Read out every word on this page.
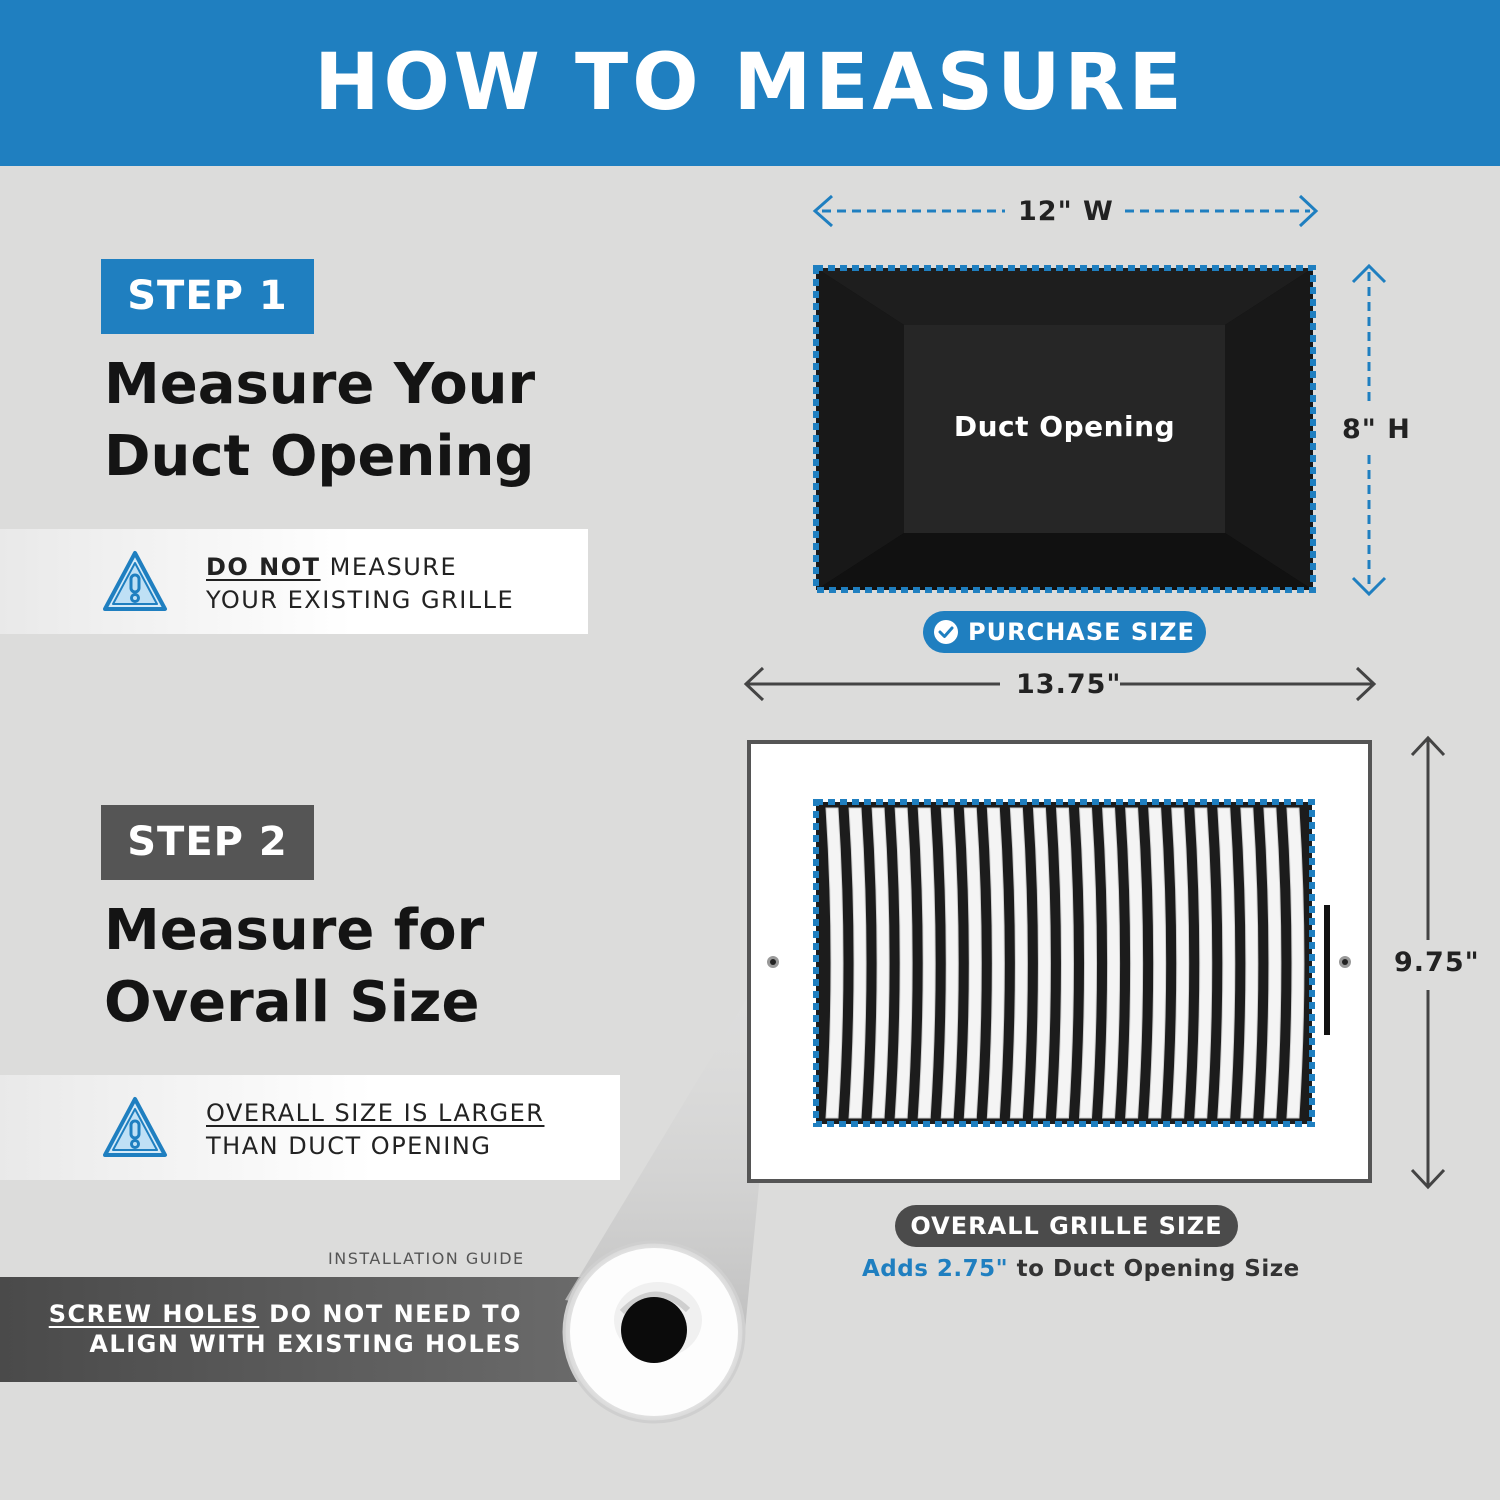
HOW TO MEASURE
STEP 1
Measure Your
Duct Opening
DO NOT MEASURE
YOUR EXISTING GRILLE
STEP 2
Measure for
Overall Size
OVERALL SIZE IS LARGER
THAN DUCT OPENING
INSTALLATION GUIDE
SCREW HOLES DO NOT NEED TO
ALIGN WITH EXISTING HOLES
12" W
8" H
Duct Opening
PURCHASE SIZE
13.75"
9.75"
OVERALL GRILLE SIZE
Adds 2.75" to Duct Opening Size
